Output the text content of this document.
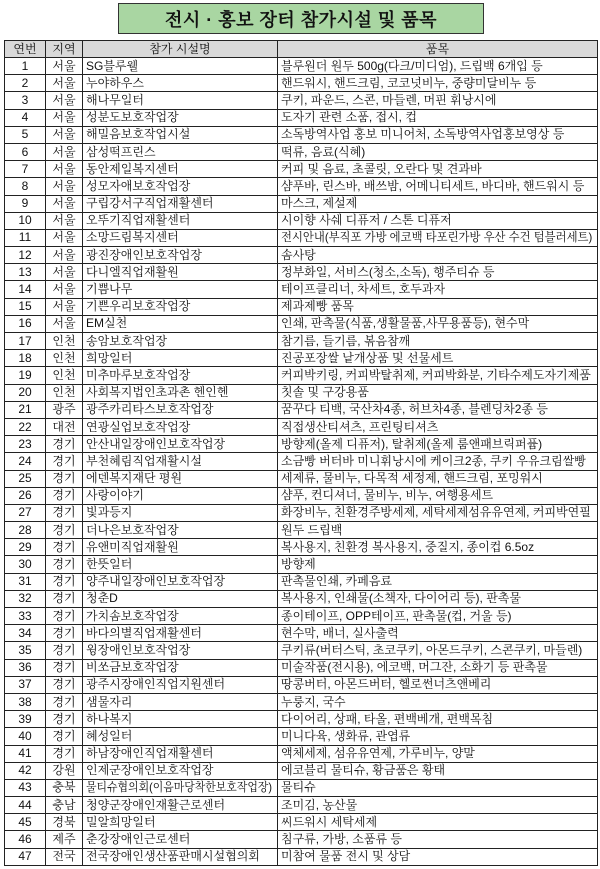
전시 · 홍보 장터 참가시설 및 품목
연번	지역	참가 시설명	품목
1	서울	SG블루웰	블루원더 원두 500g(다크/미디엄), 드립백 6개입 등
2	서울	누야하우스	핸드워시, 핸드크림, 코코넛비누, 중량미달비누 등
3	서울	해나무일터	쿠키, 파운드, 스콘, 마들렌, 머핀 휘낭시에
4	서울	성분도보호작업장	도자기 관련 소품, 접시, 컵
5	서울	해밀음보호작업시설	소독방역사업 홍보 미니어처, 소독방역사업홍보영상 등
6	서울	삼성떡프린스	떡류, 음료(식혜)
7	서울	동안제일복지센터	커피 및 음료, 초콜릿, 오란다 및 견과바
8	서울	성모자애보호작업장	샴푸바, 린스바, 배쓰밤, 어메니티세트, 바디바, 핸드워시 등
9	서울	구립강서구직업재활센터	마스크, 제설제
10	서울	오뚜기직업재활센터	시이향 사쉐 디퓨저 / 스톤 디퓨저
11	서울	소망드림복지센터	전시안내(부직포 가방 에코백 타포린가방 우산 수건 텀블러세트)
12	서울	광진장애인보호작업장	솜사탕
13	서울	다니엘직업재활원	정부화일, 서비스(청소,소독), 행주티슈 등
14	서울	기쁨나무	테이프클리너, 차세트, 호두과자
15	서울	기쁜우리보호작업장	제과제빵 품목
16	서울	EM실천	인쇄, 판촉물(식품,생활물품,사무용품등), 현수막
17	인천	송암보호작업장	참기름, 들기름, 볶음참깨
18	인천	희망일터	진공포장쌀 낱개상품 및 선물세트
19	인천	미추마루보호작업장	커피박키링, 커피박탈취제, 커피박화분, 기타수제도자기제품
20	인천	사회복지법인초과촌 헨인헨	칫솔 및 구강용품
21	광주	광주카리타스보호작업장	꿈꾸다 티백, 국산차4종, 허브차4종, 블렌딩차2종 등
22	대전	연광실업보호작업장	직접생산티셔츠, 프린팅티셔츠
23	경기	안산내일장애인보호작업장	방향제(올제 디퓨저), 탈취제(올제 룸앤패브릭퍼퓸)
24	경기	부천혜림직업재활시설	소금빵 버터바 미니휘낭시에 케이크2종, 쿠키 우유크림쌀빵
25	경기	에덴복지재단 평원	세제류, 물비누, 다목적 세정제, 핸드크림, 포밍워시
26	경기	사랑이야기	샴푸, 컨디셔너, 물비누, 비누, 여행용세트
27	경기	빛과등지	화장비누, 친환경주방세제, 세탁세제섬유유연제, 커피박연필
28	경기	더나은보호작업장	원두 드립백
29	경기	유앤미직업재활원	복사용지, 친환경 복사용지, 중질지, 종이컵 6.5oz
30	경기	한뜻일터	방향제
31	경기	양주내일장애인보호작업장	판촉물인쇄, 카페음료
32	경기	청춘D	복사용지, 인쇄물(소책자, 다이어리 등), 판촉물
33	경기	가치솜보호작업장	종이테이프, OPP테이프, 판촉물(컵, 거울 등)
34	경기	바다의별직업재활센터	현수막, 배너, 실사출력
35	경기	윙장애인보호작업장	쿠키류(버터스틱, 초코쿠키, 아몬드쿠키, 스콘쿠키, 마들렌)
36	경기	비쏘금보호작업장	미술작품(전시용), 에코백, 머그잔, 소화기 등 판촉물
37	경기	광주시장애인직업지원센터	땅콩버터, 아몬드버터, 헬로썬너츠앤베리
38	경기	샘물자리	누룽지, 국수
39	경기	하나복지	다이어리, 상패, 타올, 편백베개, 편백목침
40	경기	혜성일터	미니다육, 생화류, 관엽류
41	경기	하남장애인직업재활센터	액체세제, 섬유유연제, 가루비누, 양말
42	강원	인제군장애인보호작업장	에코블리 물티슈, 황금품은 황태
43	충북	물티슈협의회(이음마당착한보호작업장)	물티슈
44	충남	청양군장애인재활근로센터	조미김, 농산물
45	경북	밀알희망일터	씨드워시 세탁세제
46	제주	춘강장애인근로센터	침구류, 가방, 소품류 등
47	전국	전국장애인생산품판매시설협의회	미참여 물품 전시 및 상담
